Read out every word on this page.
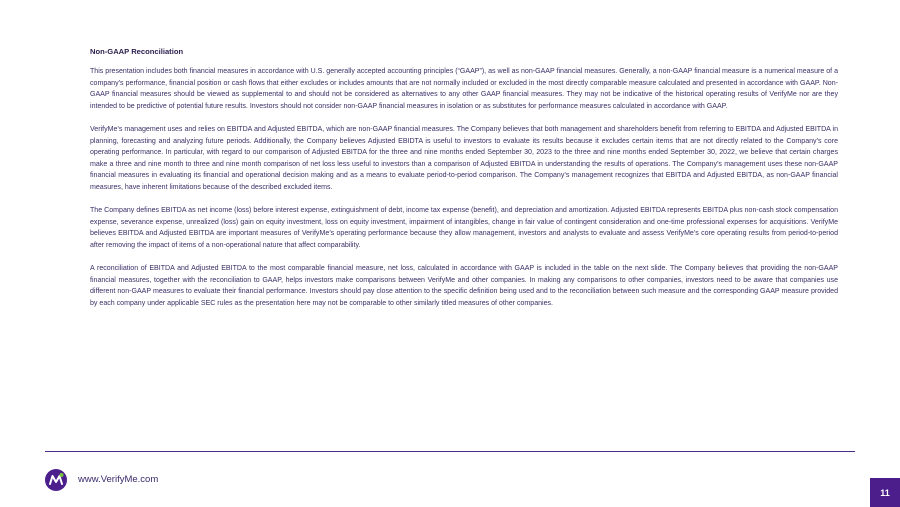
Non-GAAP Reconciliation

This presentation includes both financial measures in accordance with U.S. generally accepted accounting principles (“GAAP”), as well as non-GAAP financial measures. Generally, a non-GAAP financial measure is a numerical measure of a company’s performance, financial position or cash flows that either excludes or includes amounts that are not normally included or excluded in the most directly comparable measure calculated and presented in accordance with GAAP. Non-GAAP financial measures should be viewed as supplemental to and should not be considered as alternatives to any other GAAP financial measures. They may not be indicative of the historical operating results of VerifyMe nor are they intended to be predictive of potential future results. Investors should not consider non-GAAP financial measures in isolation or as substitutes for performance measures calculated in accordance with GAAP.

VerifyMe’s management uses and relies on EBITDA and Adjusted EBITDA, which are non-GAAP financial measures. The Company believes that both management and shareholders benefit from referring to EBITDA and Adjusted EBITDA in planning, forecasting and analyzing future periods. Additionally, the Company believes Adjusted EBIDTA is useful to investors to evaluate its results because it excludes certain items that are not directly related to the Company’s core operating performance. In particular, with regard to our comparison of Adjusted EBITDA for the three and nine months ended September 30, 2023 to the three and nine months ended September 30, 2022, we believe that certain charges make a three and nine month to three and nine month comparison of net loss less useful to investors than a comparison of Adjusted EBITDA in understanding the results of operations. The Company’s management uses these non-GAAP financial measures in evaluating its financial and operational decision making and as a means to evaluate period-to-period comparison. The Company’s management recognizes that EBITDA and Adjusted EBITDA, as non-GAAP financial measures, have inherent limitations because of the described excluded items.

The Company defines EBITDA as net income (loss) before interest expense, extinguishment of debt, income tax expense (benefit), and depreciation and amortization. Adjusted EBITDA represents EBITDA plus non-cash stock compensation expense, severance expense, unrealized (loss) gain on equity investment, loss on equity investment, impairment of intangibles, change in fair value of contingent consideration and one-time professional expenses for acquisitions. VerifyMe believes EBITDA and Adjusted EBITDA are important measures of VerifyMe’s operating performance because they allow management, investors and analysts to evaluate and assess VerifyMe’s core operating results from period-to-period after removing the impact of items of a non-operational nature that affect comparability.

A reconciliation of EBITDA and Adjusted EBITDA to the most comparable financial measure, net loss, calculated in accordance with GAAP is included in the table on the next slide. The Company believes that providing the non-GAAP financial measures, together with the reconciliation to GAAP, helps investors make comparisons between VerifyMe and other companies. In making any comparisons to other companies, investors need to be aware that companies use different non-GAAP measures to evaluate their financial performance. Investors should pay close attention to the specific definition being used and to the reconciliation between such measure and the corresponding GAAP measure provided by each company under applicable SEC rules as the presentation here may not be comparable to other similarly titled measures of other companies.

www.VerifyMe.com
11
